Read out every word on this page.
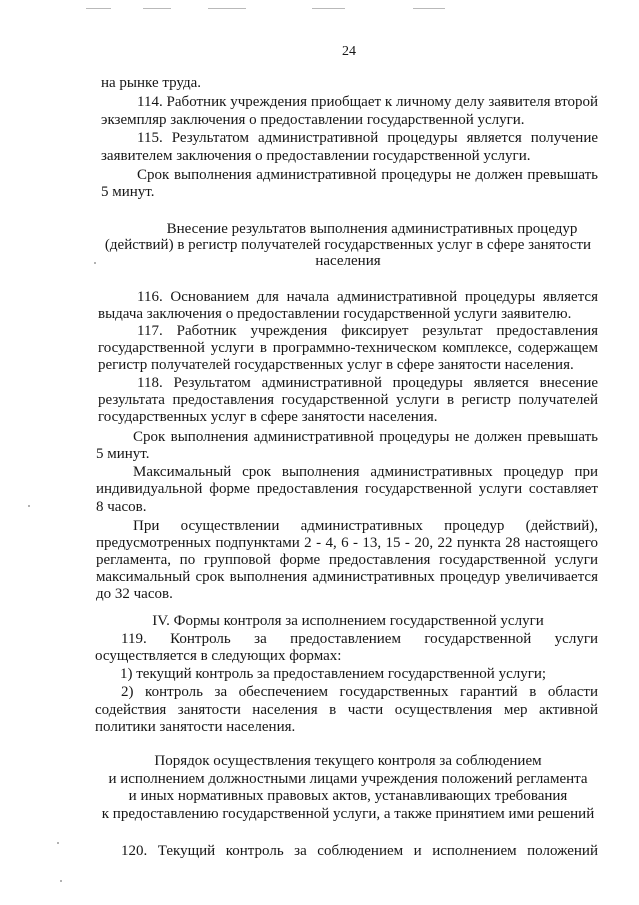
24
на рынке труда.
114. Работник учреждения приобщает к личному делу заявителя второй
экземпляр заключения о предоставлении государственной услуги.
115. Результатом административной процедуры является получение
заявителем заключения о предоставлении государственной услуги.
Срок выполнения административной процедуры не должен превышать
5 минут.
Внесение результатов выполнения административных процедур
(действий) в регистр получателей государственных услуг в сфере занятости
населения
116. Основанием для начала административной процедуры является
выдача заключения о предоставлении государственной услуги заявителю.
117. Работник учреждения фиксирует результат предоставления
государственной услуги в программно-техническом комплексе, содержащем
регистр получателей государственных услуг в сфере занятости населения.
118. Результатом административной процедуры является внесение
результата предоставления государственной услуги в регистр получателей
государственных услуг в сфере занятости населения.
Срок выполнения административной процедуры не должен превышать
5 минут.
Максимальный срок выполнения административных процедур при
индивидуальной форме предоставления государственной услуги составляет
8 часов.
При осуществлении административных процедур (действий),
предусмотренных подпунктами 2 - 4, 6 - 13, 15 - 20, 22 пункта 28 настоящего
регламента, по групповой форме предоставления государственной услуги
максимальный срок выполнения административных процедур увеличивается
до 32 часов.
IV. Формы контроля за исполнением государственной услуги
119. Контроль за предоставлением государственной услуги
осуществляется в следующих формах:
1) текущий контроль за предоставлением государственной услуги;
2) контроль за обеспечением государственных гарантий в области
содействия занятости населения в части осуществления мер активной
политики занятости населения.
Порядок осуществления текущего контроля за соблюдением
и исполнением должностными лицами учреждения положений регламента
и иных нормативных правовых актов, устанавливающих требования
к предоставлению государственной услуги, а также принятием ими решений
120. Текущий контроль за соблюдением и исполнением положений
